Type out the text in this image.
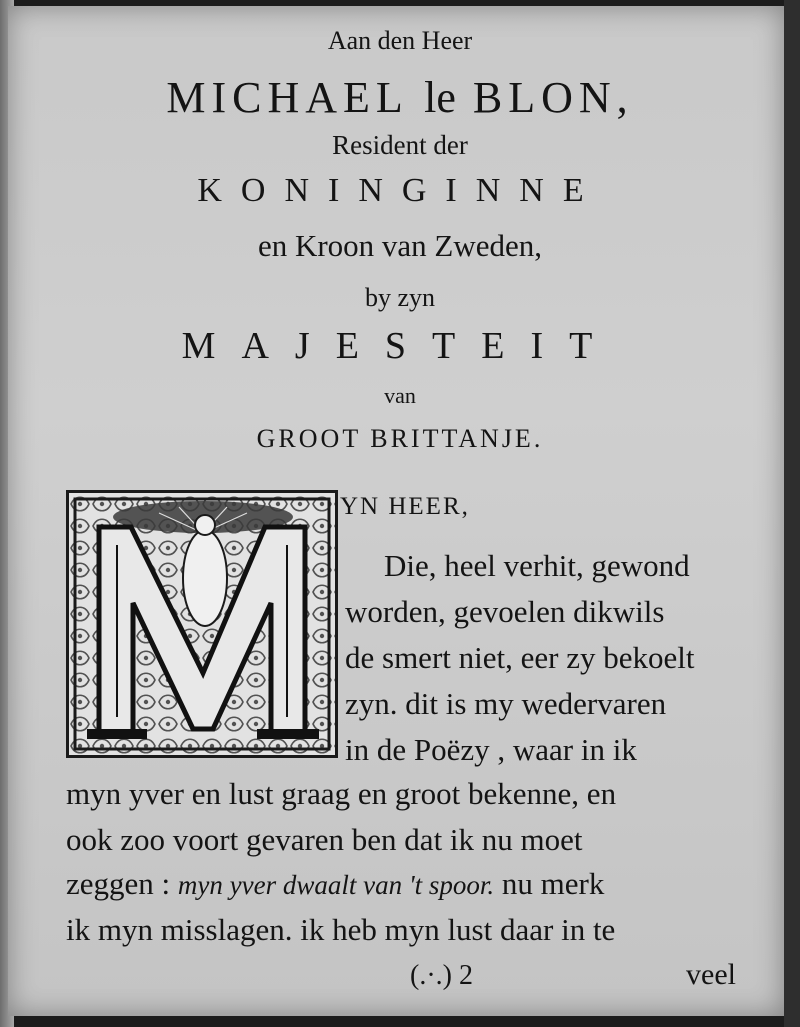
Aan den Heer
MICHAEL le BLON,
Resident der
KONINGINNE
en Kroon van Zweden,
by zyn
MAJESTEIT
van
GROOT BRITTANJE.
YN HEER,
Die, heel verhit, gewond
worden, gevoelen dikwils
de smert niet, eer zy bekoelt
zyn. dit is my wedervaren
in de Poëzy , waar in ik
myn yver en lust graag en groot bekenne, en
ook zoo voort gevaren ben dat ik nu moet
zeggen : myn yver dwaalt van 't spoor. nu merk
ik myn misslagen. ik heb myn lust daar in te
(.·.) 2	veel
